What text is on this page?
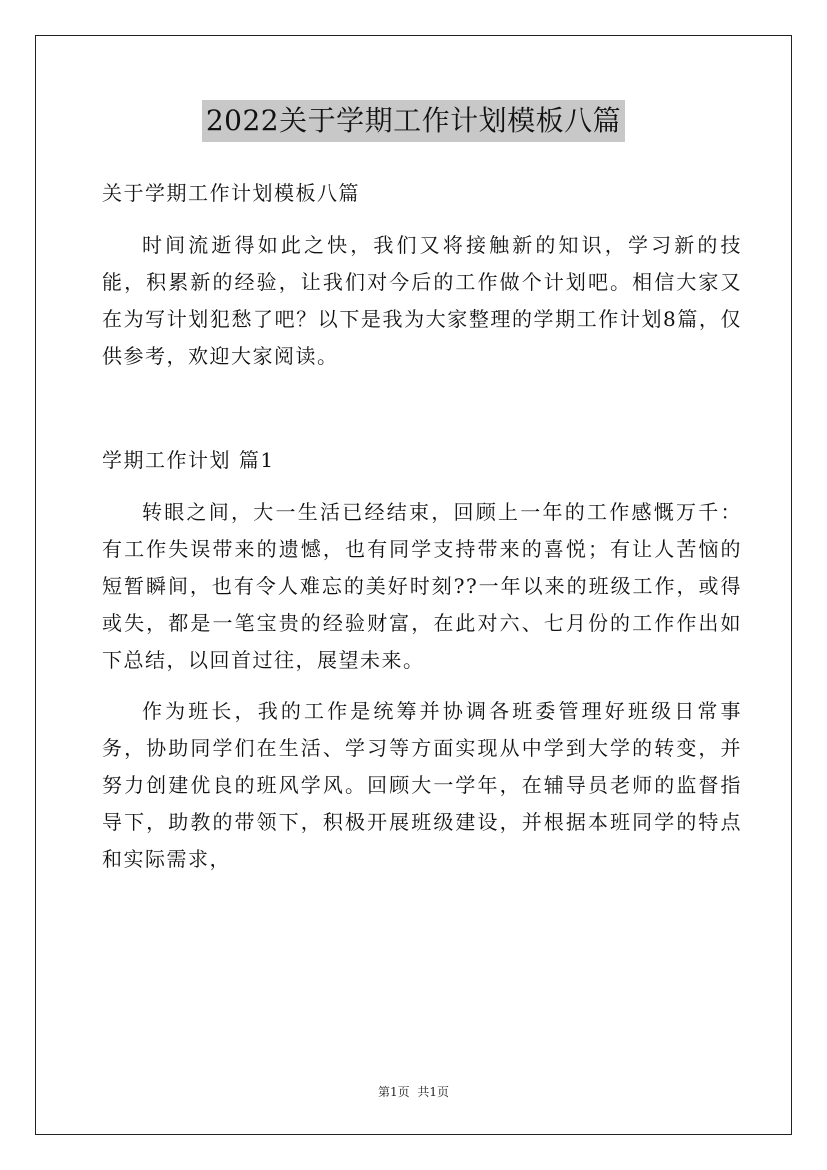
2022关于学期工作计划模板八篇

关于学期工作计划模板八篇

时间流逝得如此之快，我们又将接触新的知识，学习新的技能，积累新的经验，让我们对今后的工作做个计划吧。相信大家又在为写计划犯愁了吧？以下是我为大家整理的学期工作计划8篇，仅供参考，欢迎大家阅读。

学期工作计划 篇1

转眼之间，大一生活已经结束，回顾上一年的工作感慨万千：有工作失误带来的遗憾，也有同学支持带来的喜悦；有让人苦恼的短暂瞬间，也有令人难忘的美好时刻??一年以来的班级工作，或得或失，都是一笔宝贵的经验财富，在此对六、七月份的工作作出如下总结，以回首过往，展望未来。

作为班长，我的工作是统筹并协调各班委管理好班级日常事务，协助同学们在生活、学习等方面实现从中学到大学的转变，并努力创建优良的班风学风。回顾大一学年，在辅导员老师的监督指导下，助教的带领下，积极开展班级建设，并根据本班同学的特点和实际需求，

第1页 共1页
